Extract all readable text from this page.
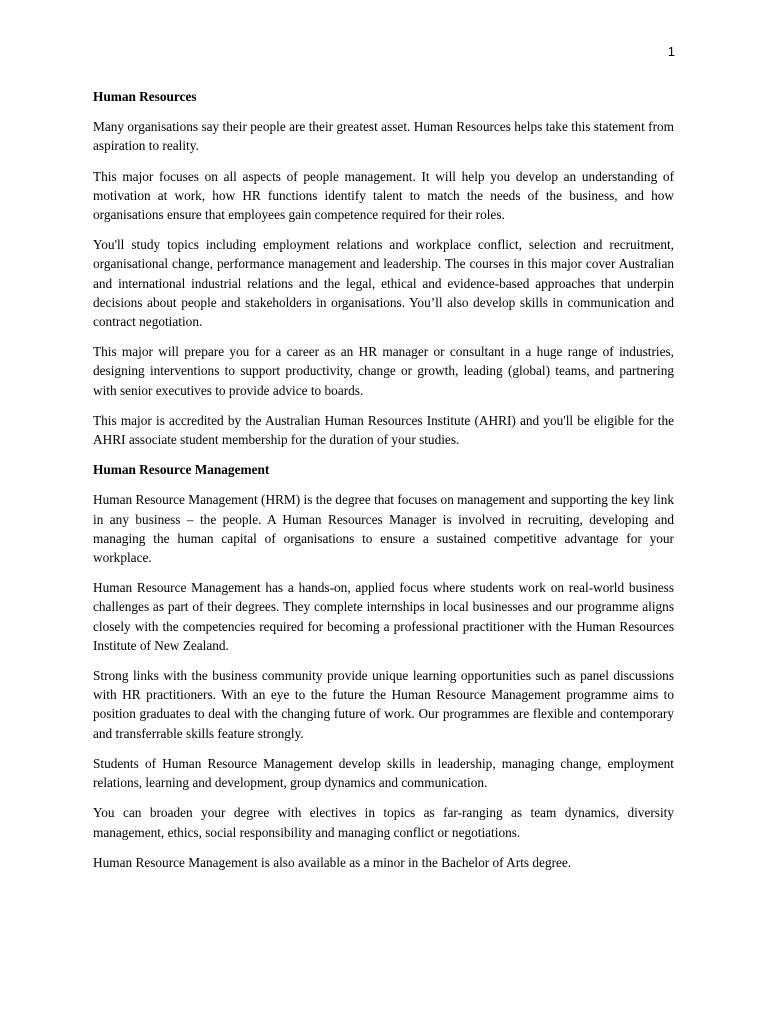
1
Human Resources

Many organisations say their people are their greatest asset. Human Resources helps take this statement from aspiration to reality.

This major focuses on all aspects of people management. It will help you develop an understanding of motivation at work, how HR functions identify talent to match the needs of the business, and how organisations ensure that employees gain competence required for their roles.

You'll study topics including employment relations and workplace conflict, selection and recruitment, organisational change, performance management and leadership. The courses in this major cover Australian and international industrial relations and the legal, ethical and evidence-based approaches that underpin decisions about people and stakeholders in organisations. You’ll also develop skills in communication and contract negotiation.

This major will prepare you for a career as an HR manager or consultant in a huge range of industries, designing interventions to support productivity, change or growth, leading (global) teams, and partnering with senior executives to provide advice to boards.

This major is accredited by the Australian Human Resources Institute (AHRI) and you'll be eligible for the AHRI associate student membership for the duration of your studies.

Human Resource Management

Human Resource Management (HRM) is the degree that focuses on management and supporting the key link in any business – the people. A Human Resources Manager is involved in recruiting, developing and managing the human capital of organisations to ensure a sustained competitive advantage for your workplace.

Human Resource Management has a hands-on, applied focus where students work on real-world business challenges as part of their degrees. They complete internships in local businesses and our programme aligns closely with the competencies required for becoming a professional practitioner with the Human Resources Institute of New Zealand.

Strong links with the business community provide unique learning opportunities such as panel discussions with HR practitioners. With an eye to the future the Human Resource Management programme aims to position graduates to deal with the changing future of work. Our programmes are flexible and contemporary and transferrable skills feature strongly.

Students of Human Resource Management develop skills in leadership, managing change, employment relations, learning and development, group dynamics and communication.

You can broaden your degree with electives in topics as far-ranging as team dynamics, diversity management, ethics, social responsibility and managing conflict or negotiations.

Human Resource Management is also available as a minor in the Bachelor of Arts degree.
